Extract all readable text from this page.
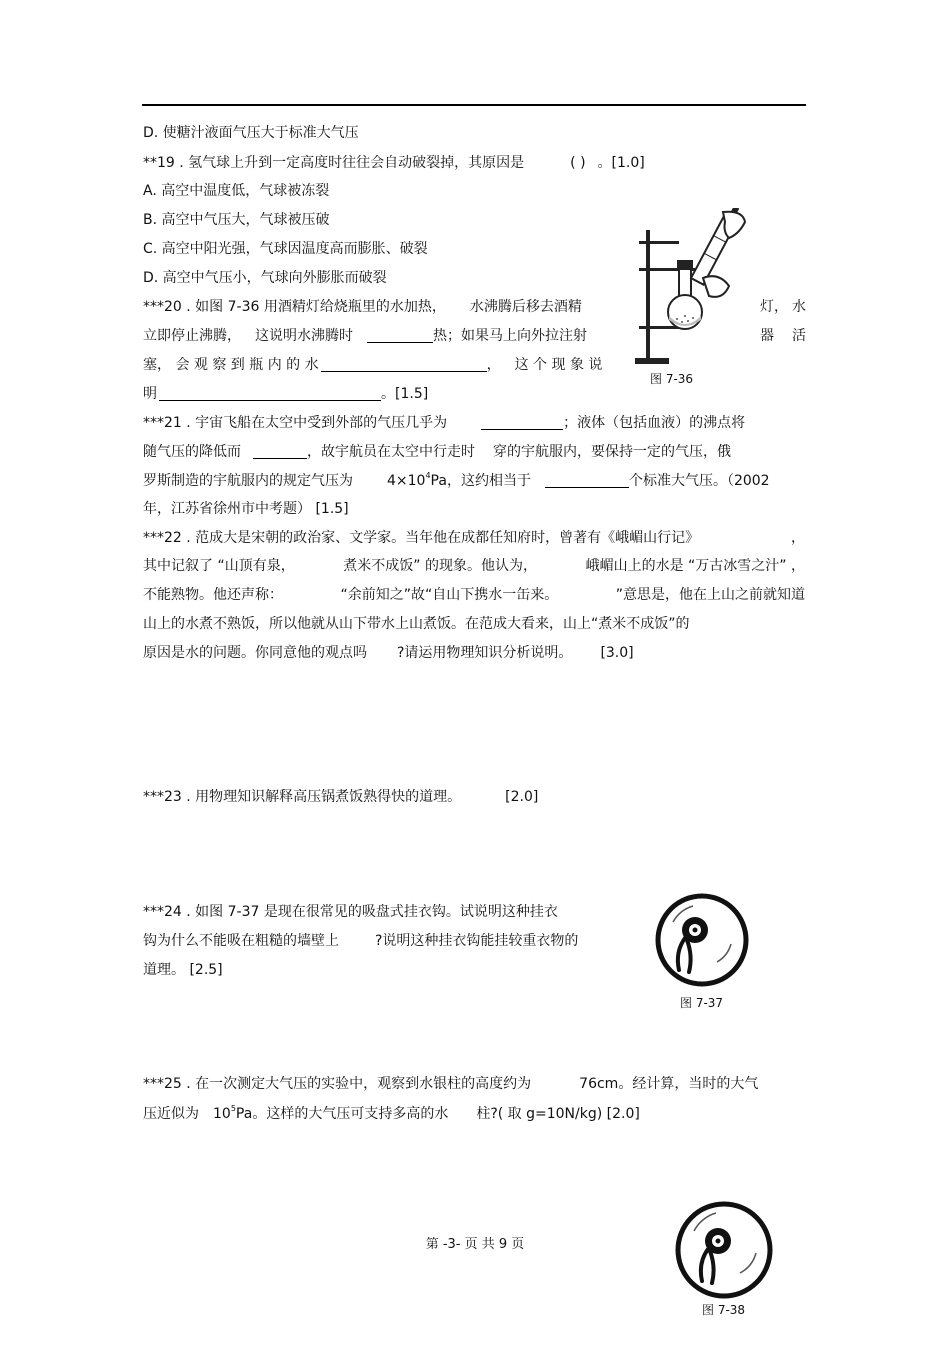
D. 使糖汁液面气压大于标准大气压
**19 . 氢气球上升到一定高度时往往会自动破裂掉，其原因是	( ) 。[1.0]
A. 高空中温度低，气球被冻裂
B. 高空中气压大，气球被压破
C. 高空中阳光强，气球因温度高而膨胀、破裂
D. 高空中气压小，气球向外膨胀而破裂
***20 . 如图 7-36 用酒精灯给烧瓶里的水加热， 水沸腾后移去酒精	灯， 水
立即停止沸腾， 这说明水沸腾时	热；如果马上向外拉注射	器 活
塞， 会 观 察 到 瓶 内 的 水	， 这 个 现 象 说
明	。[1.5]
图 7-36
***21 . 宇宙飞船在太空中受到外部的气压几乎为	；液体（包括血液）的沸点将
随气压的降低而	，故宇航员在太空中行走时 穿的宇航服内，要保持一定的气压，俄
罗斯制造的宇航服内的规定气压为 $4\times 10^4Pa$，这约相当于	个标准大气压。（2002
年，江苏省徐州市中考题） [1.5]
***22 . 范成大是宋朝的政治家、文学家。当年他在成都任知府时，曾著有《峨嵋山行记》	，
其中记叙了 “山顶有泉，	煮米不成饭” 的现象。他认为，	峨嵋山上的水是 “万古冰雪之汁” ，
不能熟物。他还声称：	“余前知之”故“自山下携水一缶来。	”意思是，他在上山之前就知道
山上的水煮不熟饭，所以他就从山下带水上山煮饭。在范成大看来，山上“煮米不成饭”的
原因是水的问题。你同意他的观点吗 ?请运用物理知识分析说明。 [3.0]
***23 . 用物理知识解释高压锅煮饭熟得快的道理。	[2.0]
***24 . 如图 7-37 是现在很常见的吸盘式挂衣钩。试说明这种挂衣
钩为什么不能吸在粗糙的墙壁上	?说明这种挂衣钩能挂较重衣物的
道理。 [2.5]
图 7-37
***25 . 在一次测定大气压的实验中，观察到水银柱的高度约为	76cm。经计算，当时的大气
压近似为 $10^5Pa$。这样的大气压可支持多高的水 柱?( 取 g=10N/kg) [2.0]
第 -3- 页 共 9 页
图 7-38
